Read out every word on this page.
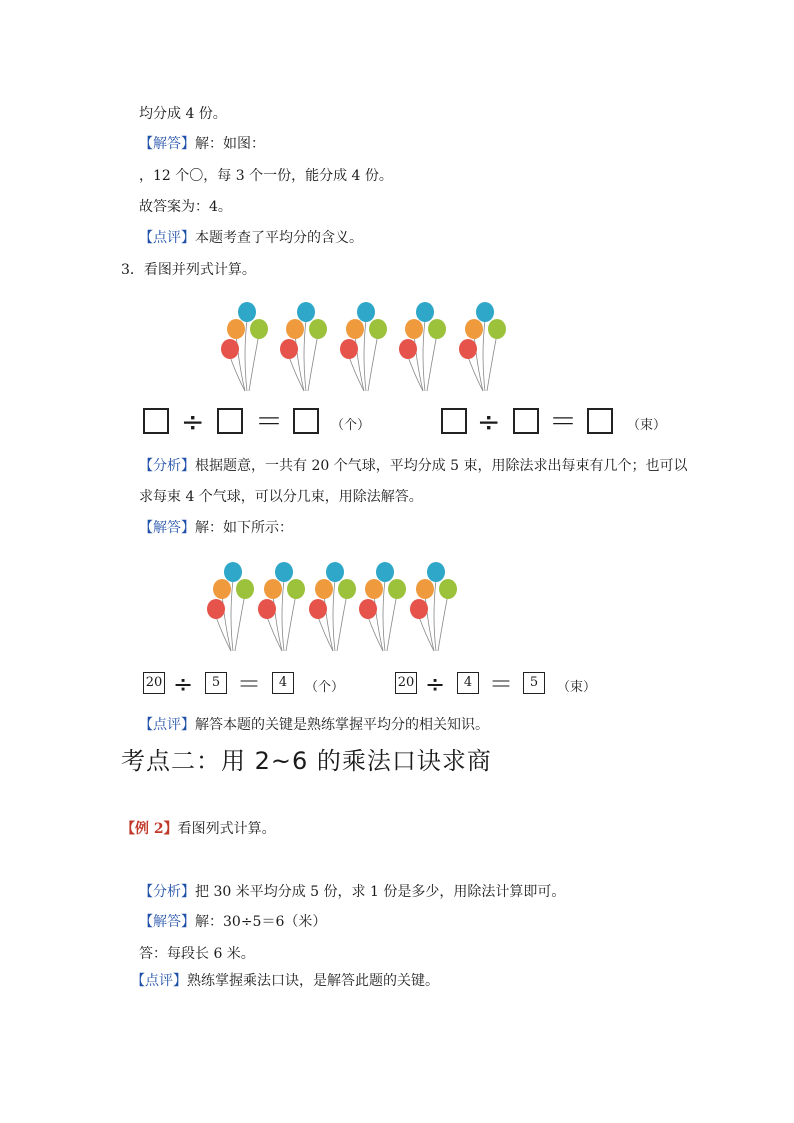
均分成 4 份。
【解答】解：如图：
，12 个〇，每 3 个一份，能分成 4 份。
故答案为：4。
【点评】本题考查了平均分的含义。
3．看图并列式计算。
÷ ＝	（个）	÷ ＝	（束）
【分析】根据题意，一共有 20 个气球，平均分成 5 束，用除法求出每束有几个；也可以
求每束 4 个气球，可以分几束，用除法解答。
【解答】解：如下所示：
20 ÷	5 ＝	4	（个）	20 ÷	4 ＝	5	（束）
【点评】解答本题的关键是熟练掌握平均分的相关知识。
考点二：用 2~6 的乘法口诀求商
【例 2】看图列式计算。
【分析】把 30 米平均分成 5 份，求 1 份是多少，用除法计算即可。
【解答】解：30÷5＝6（米）
答：每段长 6 米。
【点评】熟练掌握乘法口诀，是解答此题的关键。
